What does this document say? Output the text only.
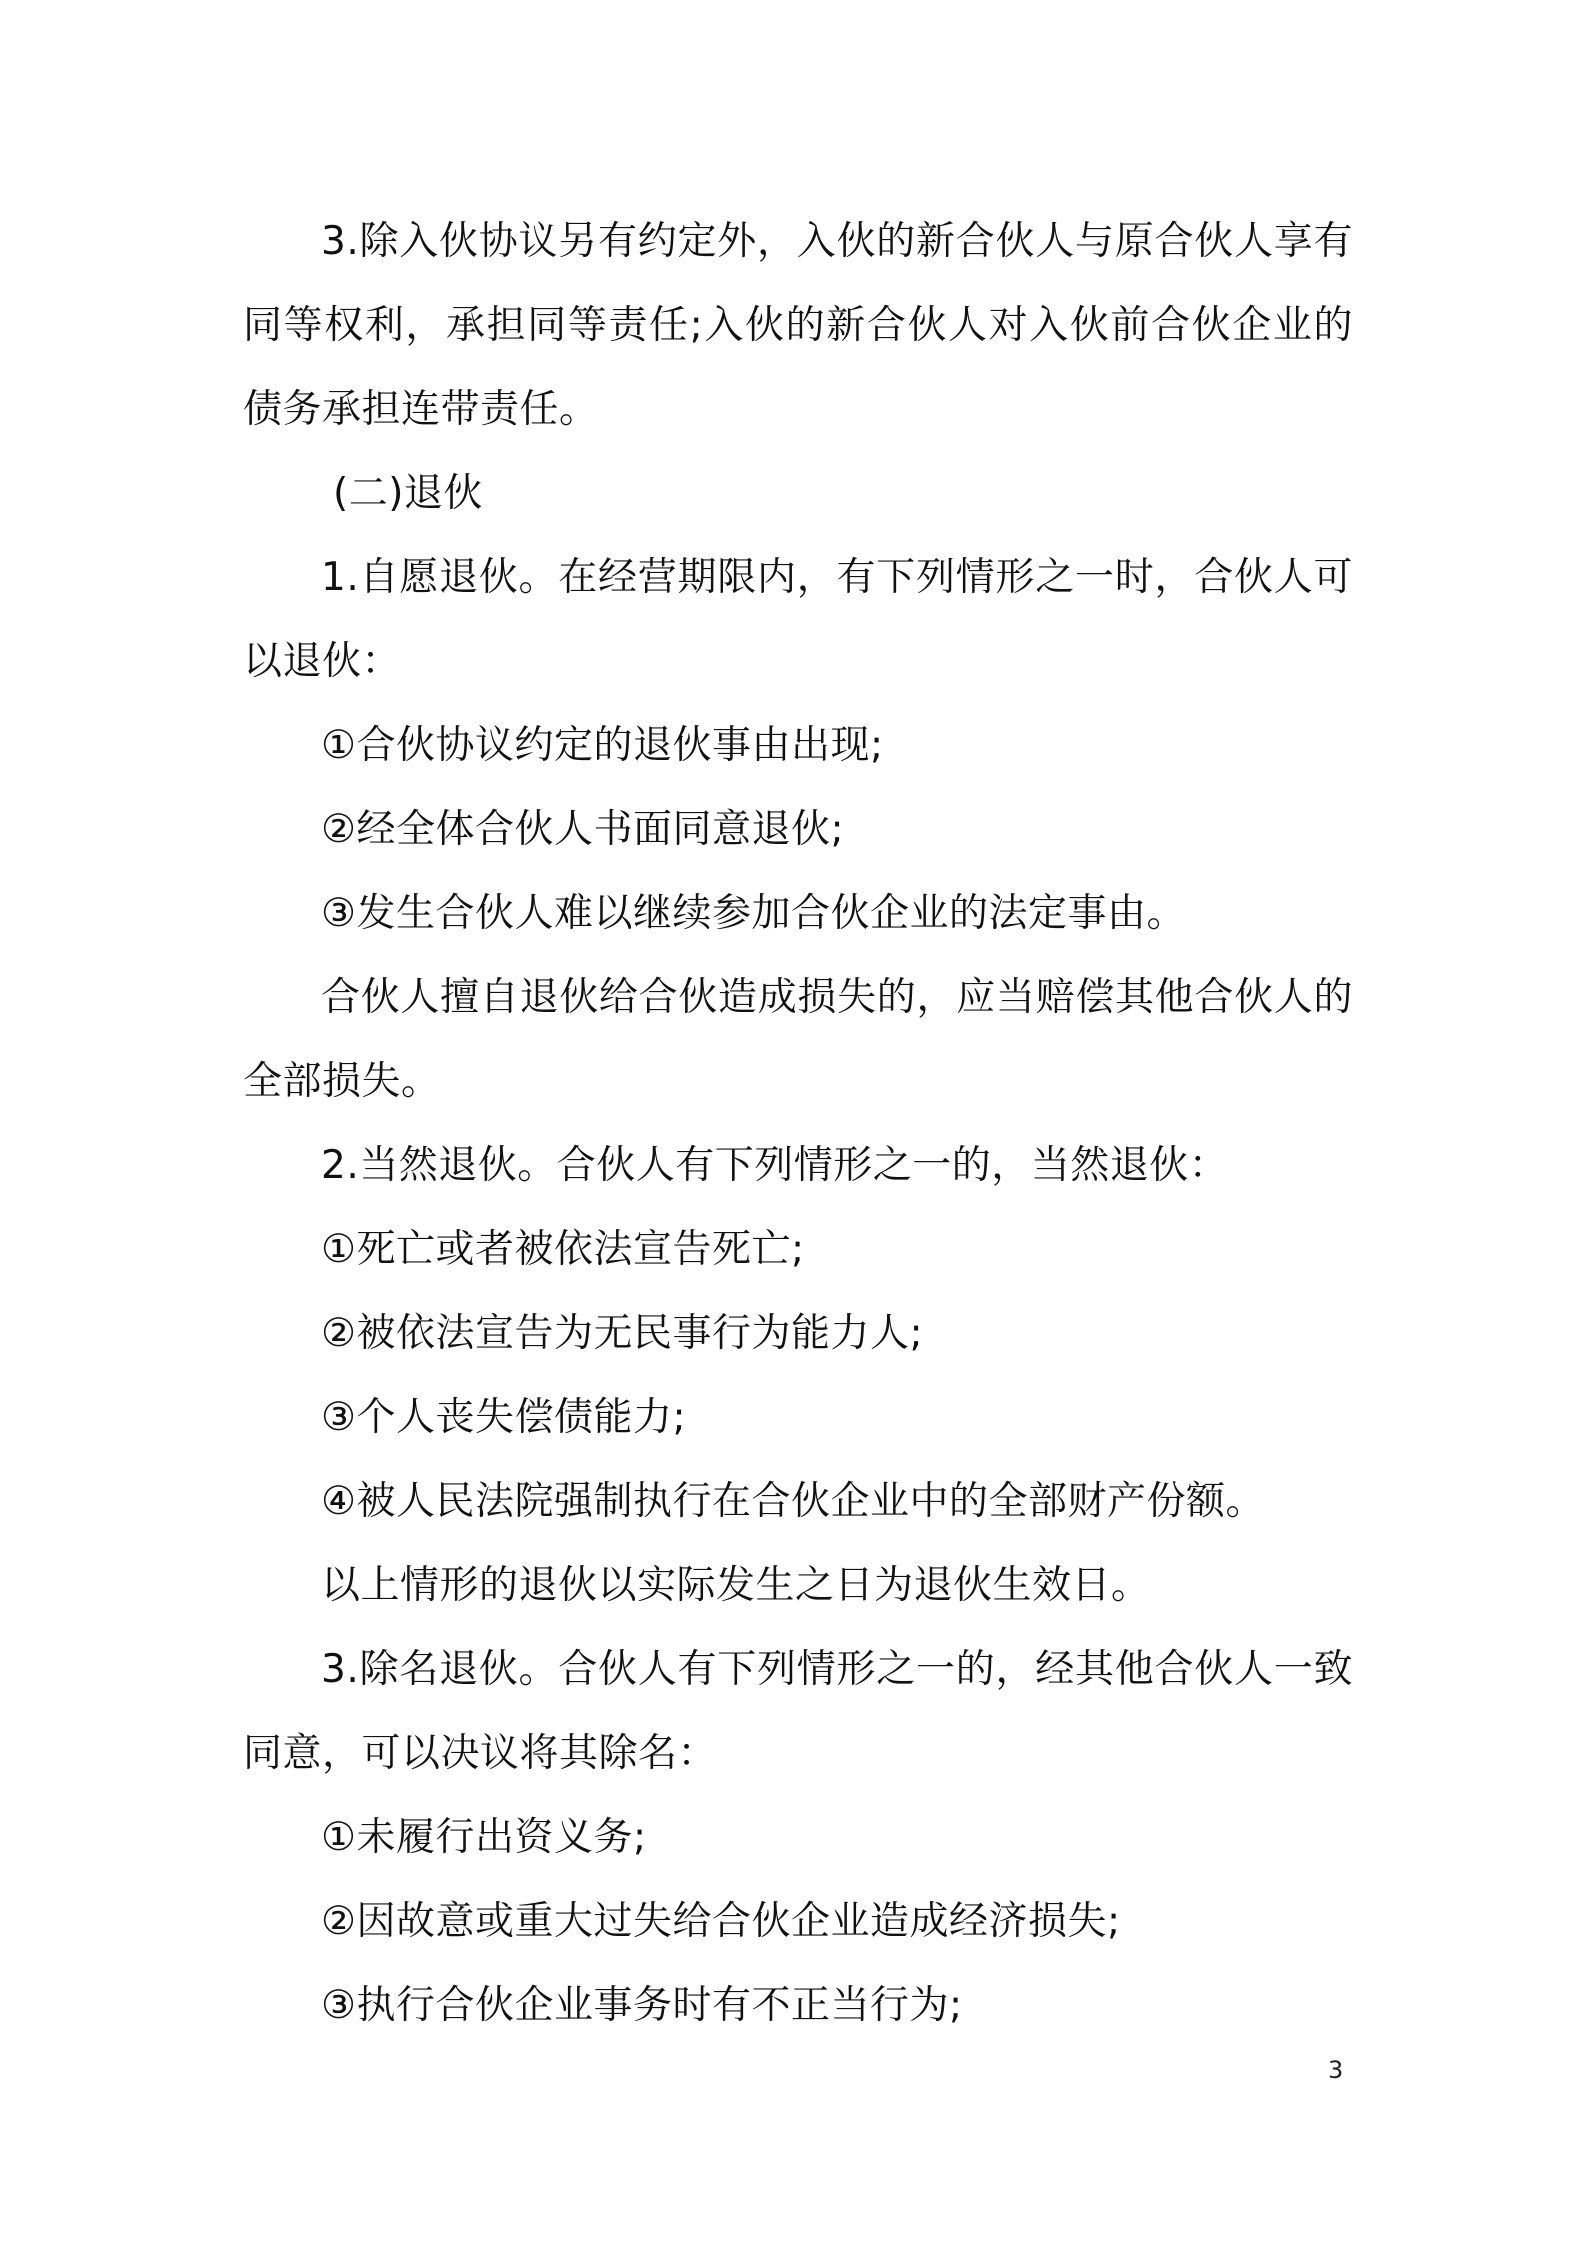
3.除入伙协议另有约定外，入伙的新合伙人与原合伙人享有同等权利，承担同等责任;入伙的新合伙人对入伙前合伙企业的债务承担连带责任。

(二)退伙

1.自愿退伙。在经营期限内，有下列情形之一时，合伙人可以退伙：

①合伙协议约定的退伙事由出现;

②经全体合伙人书面同意退伙;

③发生合伙人难以继续参加合伙企业的法定事由。

合伙人擅自退伙给合伙造成损失的，应当赔偿其他合伙人的全部损失。

2.当然退伙。合伙人有下列情形之一的，当然退伙：

①死亡或者被依法宣告死亡;

②被依法宣告为无民事行为能力人;

③个人丧失偿债能力;

④被人民法院强制执行在合伙企业中的全部财产份额。

以上情形的退伙以实际发生之日为退伙生效日。

3.除名退伙。合伙人有下列情形之一的，经其他合伙人一致同意，可以决议将其除名：

①未履行出资义务;

②因故意或重大过失给合伙企业造成经济损失;

③执行合伙企业事务时有不正当行为;

3
